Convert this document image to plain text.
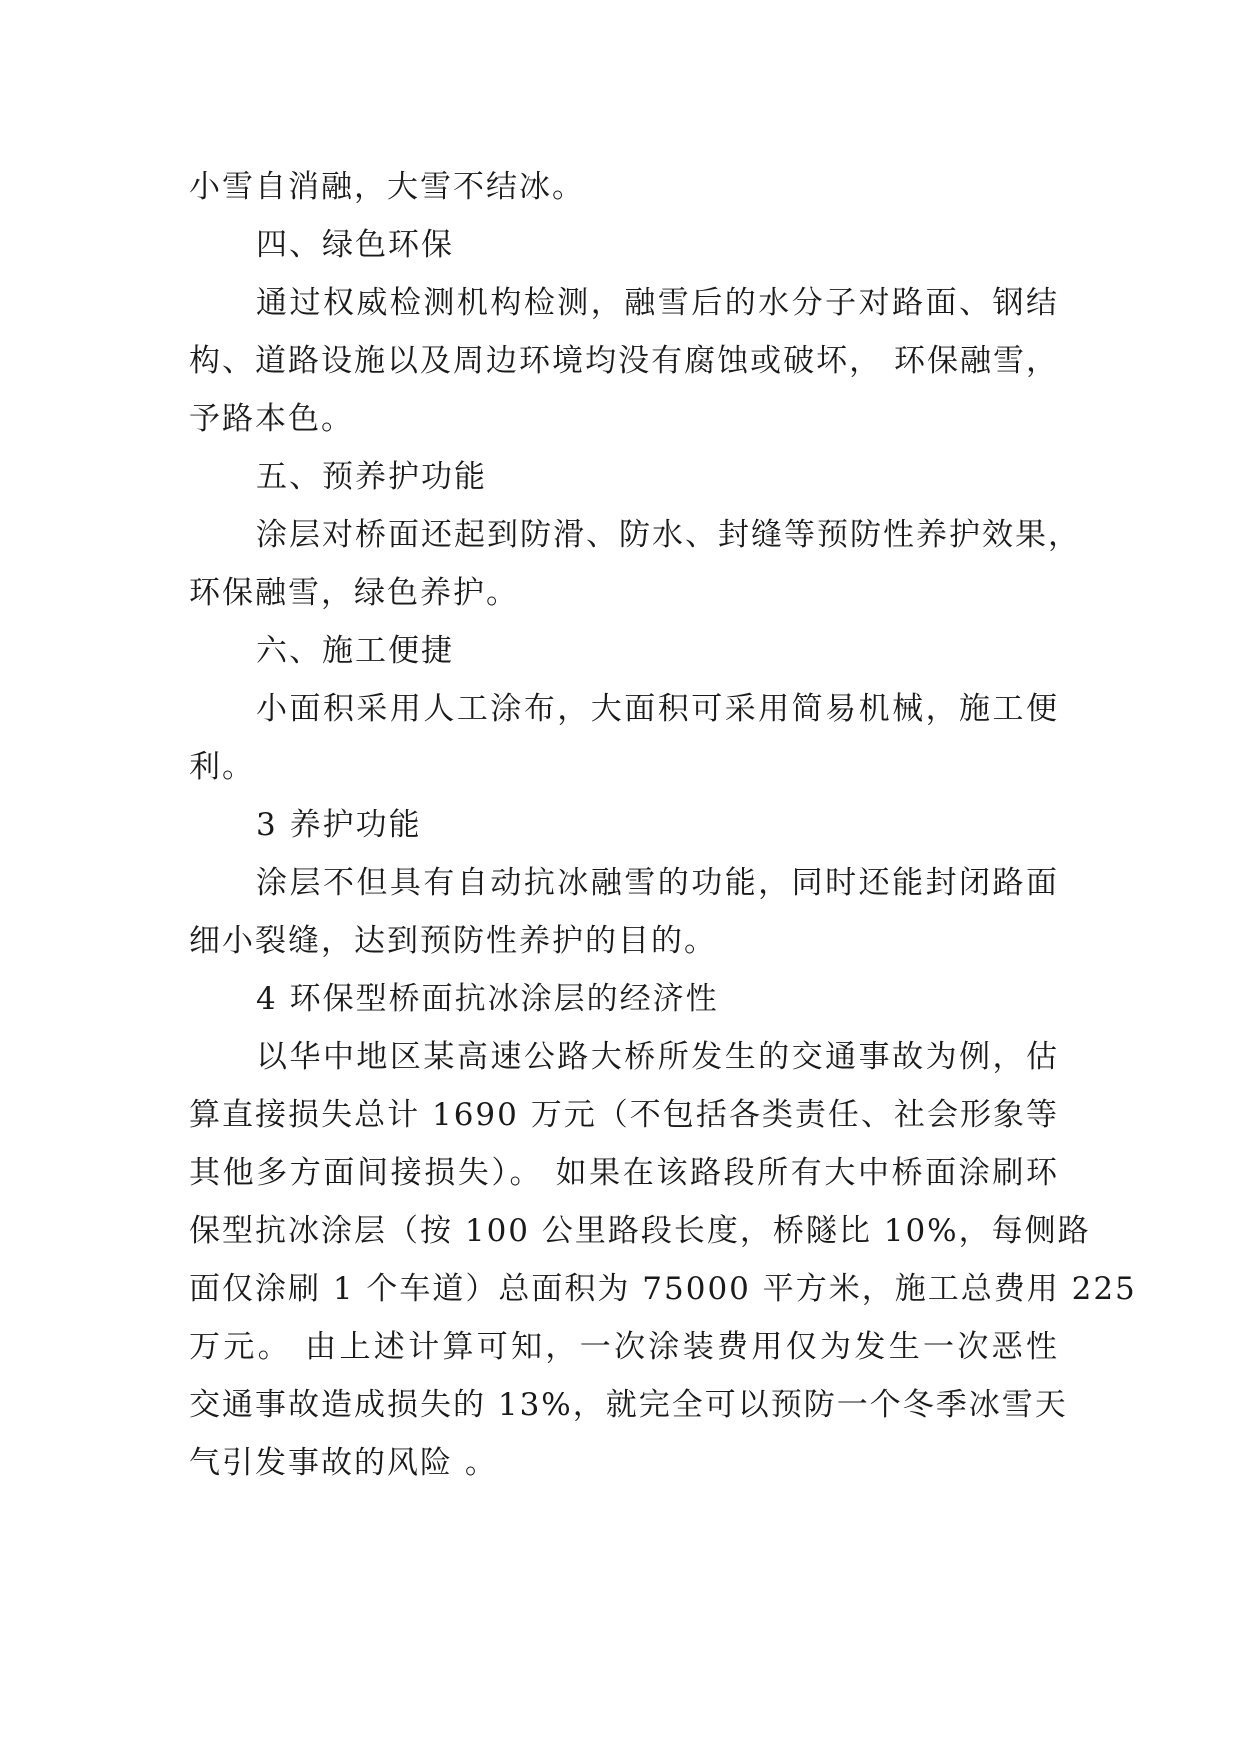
小雪自消融，大雪不结冰。
四、绿色环保
通过权威检测机构检测，融雪后的水分子对路面、钢结
构、道路设施以及周边环境均没有腐蚀或破坏， 环保融雪，
予路本色。
五、预养护功能
涂层对桥面还起到防滑、防水、封缝等预防性养护效果，
环保融雪，绿色养护。
六、施工便捷
小面积采用人工涂布，大面积可采用简易机械，施工便
利。
3 养护功能
涂层不但具有自动抗冰融雪的功能，同时还能封闭路面
细小裂缝，达到预防性养护的目的。
4 环保型桥面抗冰涂层的经济性
以华中地区某高速公路大桥所发生的交通事故为例，估
算直接损失总计 1690 万元（不包括各类责任、社会形象等
其他多方面间接损失）。 如果在该路段所有大中桥面涂刷环
保型抗冰涂层（按 100 公里路段长度，桥隧比 10%，每侧路
面仅涂刷 1 个车道）总面积为 75000 平方米，施工总费用 225
万元。 由上述计算可知，一次涂装费用仅为发生一次恶性
交通事故造成损失的 13%，就完全可以预防一个冬季冰雪天
气引发事故的风险 。
